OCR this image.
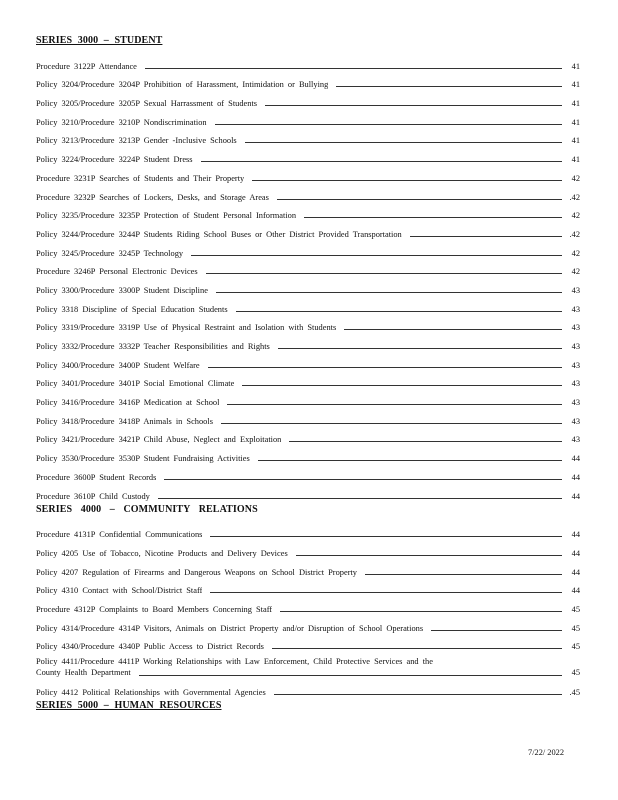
SERIES 3000 – STUDENT
Procedure 3122P Attendance	41
Policy 3204/Procedure 3204P Prohibition of Harassment, Intimidation or Bullying	41
Policy 3205/Procedure 3205P Sexual Harrassment of Students	41
Policy 3210/Procedure 3210P Nondiscrimination	41
Policy 3213/Procedure 3213P Gender -Inclusive Schools	41
Policy 3224/Procedure 3224P Student Dress	41
Procedure 3231P Searches of Students and Their Property	42
Procedure 3232P Searches of Lockers, Desks, and Storage Areas	.42
Policy 3235/Procedure 3235P Protection of Student Personal Information	42
Policy 3244/Procedure 3244P Students Riding School Buses or Other District Provided Transportation	.42
Policy 3245/Procedure 3245P Technology	42
Procedure 3246P Personal Electronic Devices	42
Policy 3300/Procedure 3300P Student Discipline	43
Policy 3318 Discipline of Special Education Students	43
Policy 3319/Procedure 3319P Use of Physical Restraint and Isolation with Students	43
Policy 3332/Procedure 3332P Teacher Responsibilities and Rights	43
Policy 3400/Procedure 3400P Student Welfare	43
Policy 3401/Procedure 3401P Social Emotional Climate	43
Policy 3416/Procedure 3416P Medication at School	43
Policy 3418/Procedure 3418P Animals in Schools	43
Policy 3421/Procedure 3421P Child Abuse, Neglect and Exploitation	43
Policy 3530/Procedure 3530P Student Fundraising Activities	44
Procedure 3600P Student Records	44
Procedure 3610P Child Custody	44
SERIES 4000 – COMMUNITY RELATIONS
Procedure 4131P Confidential Communications	44
Policy 4205 Use of Tobacco, Nicotine Products and Delivery Devices	44
Policy 4207 Regulation of Firearms and Dangerous Weapons on School District Property	44
Policy 4310 Contact with School/District Staff	44
Procedure 4312P Complaints to Board Members Concerning Staff	45
Policy 4314/Procedure 4314P Visitors, Animals on District Property and/or Disruption of School Operations	45
Policy 4340/Procedure 4340P Public Access to District Records	45
Policy 4411/Procedure 4411P Working Relationships with Law Enforcement, Child Protective Services and the
County Health Department	45
Policy 4412 Political Relationships with Governmental Agencies	.45
SERIES 5000 – HUMAN RESOURCES
7/22/ 2022
